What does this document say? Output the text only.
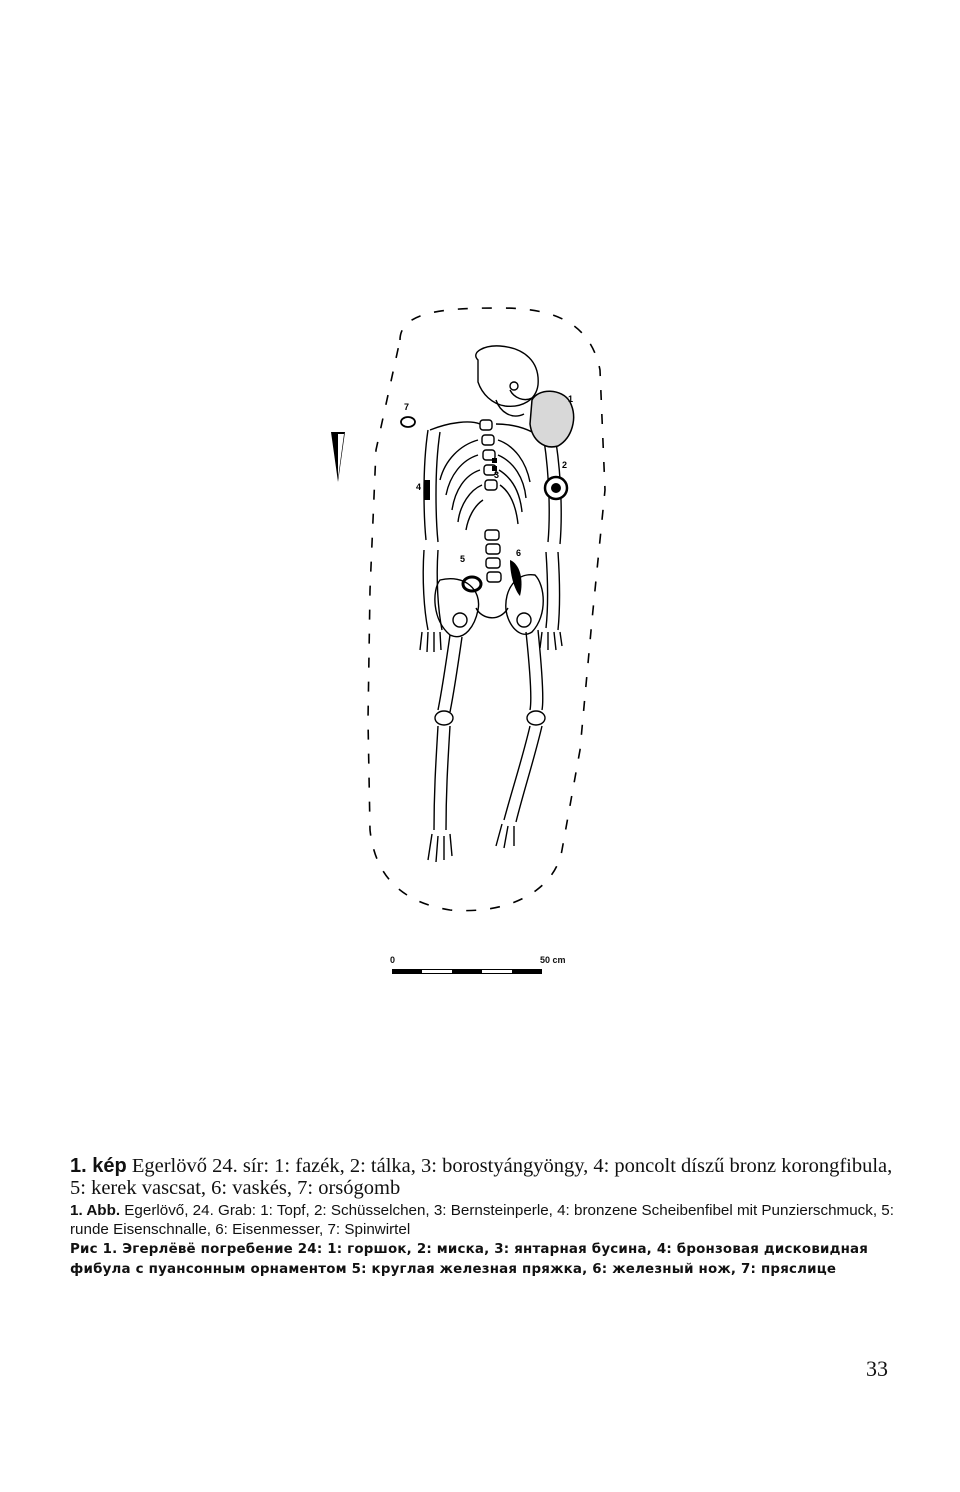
1
2
3
4
5
6
7
0	50 cm

1. kép Egerlövő 24. sír: 1: fazék, 2: tálka, 3: borostyángyöngy, 4: poncolt díszű bronz korongfibula, 5: kerek vascsat, 6: vaskés, 7: orsógomb

1. Abb. Egerlövő, 24. Grab: 1: Topf, 2: Schüsselchen, 3: Bernsteinperle, 4: bronzene Scheibenfibel mit Punzierschmuck, 5: runde Eisenschnalle, 6: Eisenmesser, 7: Spinwirtel

Рис 1. Эгерлёвё погребение 24: 1: горшок, 2: миска, 3: янтарная бусина, 4: бронзовая дисковидная фибула с пуансонным орнаментом 5: круглая железная пряжка, 6: железный нож, 7: пряслице

33
